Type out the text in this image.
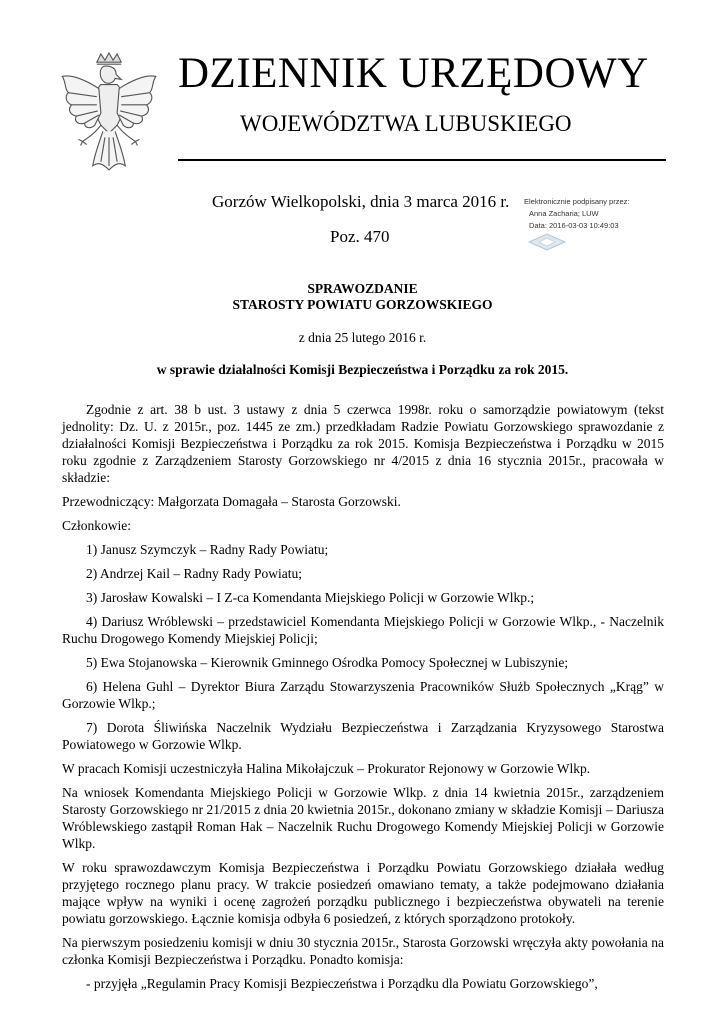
DZIENNIK URZĘDOWY
WOJEWÓDZTWA LUBUSKIEGO
Gorzów Wielkopolski, dnia 3 marca 2016 r.
Poz. 470
Elektronicznie podpisany przez:
Anna Zacharia; LUW
Data: 2016-03-03 10:49:03
SPRAWOZDANIE
STAROSTY POWIATU GORZOWSKIEGO
z dnia 25 lutego 2016 r.
w sprawie działalności Komisji Bezpieczeństwa i Porządku za rok 2015.

Zgodnie z art. 38 b ust. 3 ustawy z dnia 5 czerwca 1998r. roku o samorządzie powiatowym (tekst jednolity: Dz. U. z 2015r., poz. 1445 ze zm.) przedkładam Radzie Powiatu Gorzowskiego sprawozdanie z działalności Komisji Bezpieczeństwa i Porządku za rok 2015. Komisja Bezpieczeństwa i Porządku w 2015 roku zgodnie z Zarządzeniem Starosty Gorzowskiego nr 4/2015 z dnia 16 stycznia 2015r., pracowała w składzie:

Przewodniczący: Małgorzata Domagała – Starosta Gorzowski.

Członkowie:

1) Janusz Szymczyk – Radny Rady Powiatu;

2) Andrzej Kail – Radny Rady Powiatu;

3) Jarosław Kowalski – I Z-ca Komendanta Miejskiego Policji w Gorzowie Wlkp.;

4) Dariusz Wróblewski – przedstawiciel Komendanta Miejskiego Policji w Gorzowie Wlkp., - Naczelnik Ruchu Drogowego Komendy Miejskiej Policji;

5) Ewa Stojanowska – Kierownik Gminnego Ośrodka Pomocy Społecznej w Lubiszynie;

6) Helena Guhl – Dyrektor Biura Zarządu Stowarzyszenia Pracowników Służb Społecznych „Krąg” w Gorzowie Wlkp.;

7) Dorota Śliwińska Naczelnik Wydziału Bezpieczeństwa i Zarządzania Kryzysowego Starostwa Powiatowego w Gorzowie Wlkp.

W pracach Komisji uczestniczyła Halina Mikołajczuk – Prokurator Rejonowy w Gorzowie Wlkp.

Na wniosek Komendanta Miejskiego Policji w Gorzowie Wlkp. z dnia 14 kwietnia 2015r., zarządzeniem Starosty Gorzowskiego nr 21/2015 z dnia 20 kwietnia 2015r., dokonano zmiany w składzie Komisji – Dariusza Wróblewskiego zastąpił Roman Hak – Naczelnik Ruchu Drogowego Komendy Miejskiej Policji w Gorzowie Wlkp.

W roku sprawozdawczym Komisja Bezpieczeństwa i Porządku Powiatu Gorzowskiego działała według przyjętego rocznego planu pracy. W trakcie posiedzeń omawiano tematy, a także podejmowano działania mające wpływ na wyniki i ocenę zagrożeń porządku publicznego i bezpieczeństwa obywateli na terenie powiatu gorzowskiego. Łącznie komisja odbyła 6 posiedzeń, z których sporządzono protokoły.

Na pierwszym posiedzeniu komisji w dniu 30 stycznia 2015r., Starosta Gorzowski wręczyła akty powołania na członka Komisji Bezpieczeństwa i Porządku. Ponadto komisja:

- przyjęła „Regulamin Pracy Komisji Bezpieczeństwa i Porządku dla Powiatu Gorzowskiego”,
